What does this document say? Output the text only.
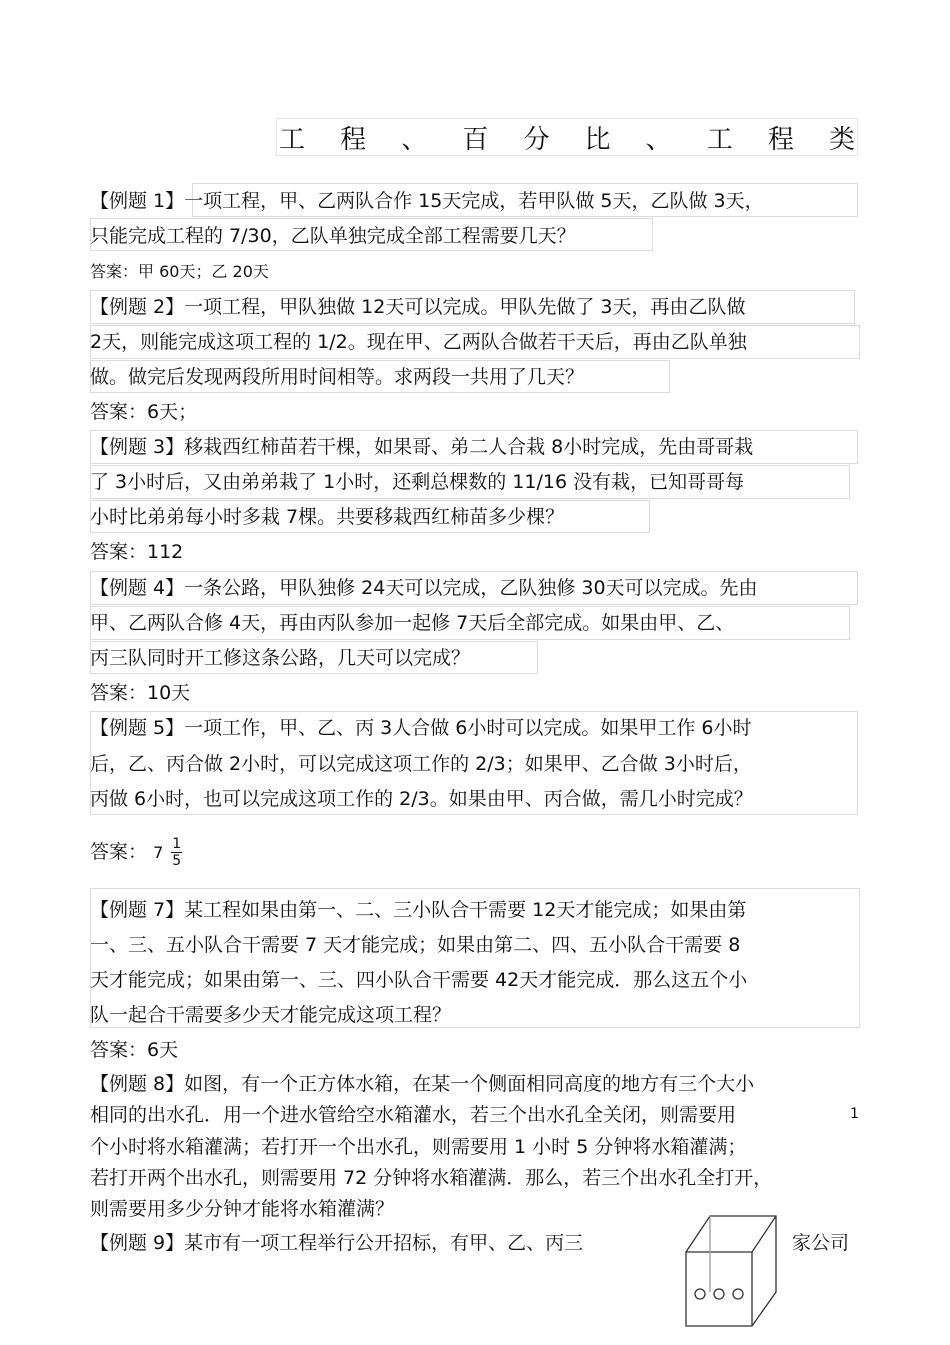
工 程 、 百 分 比 、 工 程 类
【例题 1】一项工程，甲、乙两队合作 15天完成，若甲队做 5天，乙队做 3天，
只能完成工程的 7/30，乙队单独完成全部工程需要几天？
答案：甲 60天；乙 20天
【例题 2】一项工程，甲队独做 12天可以完成。甲队先做了 3天，再由乙队做
2天，则能完成这项工程的 1/2。现在甲、乙两队合做若干天后，再由乙队单独
做。做完后发现两段所用时间相等。求两段一共用了几天？
答案：6天；
【例题 3】移栽西红柿苗若干棵，如果哥、弟二人合栽 8小时完成，先由哥哥栽
了 3小时后，又由弟弟栽了 1小时，还剩总棵数的 11/16 没有栽，已知哥哥每
小时比弟弟每小时多栽 7棵。共要移栽西红柿苗多少棵？
答案：112
【例题 4】一条公路，甲队独修 24天可以完成，乙队独修 30天可以完成。先由
甲、乙两队合修 4天，再由丙队参加一起修 7天后全部完成。如果由甲、乙、
丙三队同时开工修这条公路，几天可以完成？
答案：10天
【例题 5】一项工作，甲、乙、丙 3人合做 6小时可以完成。如果甲工作 6小时
后，乙、丙合做 2小时，可以完成这项工作的 2/3；如果甲、乙合做 3小时后，
丙做 6小时，也可以完成这项工作的 2/3。如果由甲、丙合做，需几小时完成？
答案： $7 \frac{1}{5}$
【例题 7】某工程如果由第一、二、三小队合干需要 12天才能完成；如果由第
一、三、五小队合干需要 7 天才能完成；如果由第二、四、五小队合干需要 8
天才能完成；如果由第一、三、四小队合干需要 42天才能完成．那么这五个小
队一起合干需要多少天才能完成这项工程？
答案：6天
【例题 8】如图，有一个正方体水箱，在某一个侧面相同高度的地方有三个大小
相同的出水孔．用一个进水管给空水箱灌水，若三个出水孔全关闭，则需要用	1
个小时将水箱灌满；若打开一个出水孔，则需要用 1 小时 5 分钟将水箱灌满；
若打开两个出水孔，则需要用 72 分钟将水箱灌满．那么，若三个出水孔全打开，
则需要用多少分钟才能将水箱灌满？
【例题 9】某市有一项工程举行公开招标，有甲、乙、丙三	家公司
